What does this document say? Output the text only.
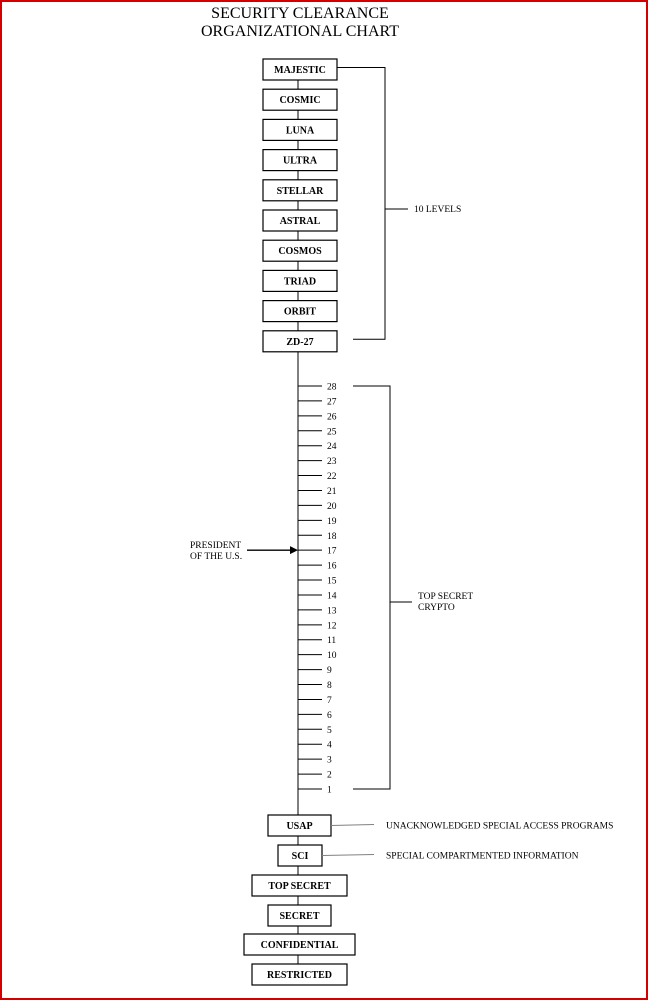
SECURITY CLEARANCE
ORGANIZATIONAL CHART
MAJESTIC
COSMIC
LUNA
ULTRA
STELLAR
ASTRAL
COSMOS
TRIAD
ORBIT
ZD-27
10 LEVELS
28
27
26
25
24
23
22
21
20
19
18
17
16
15
14
13
12
11
10
9
8
7
6
5
4
3
2
1
TOP SECRET
CRYPTO
PRESIDENT
OF THE U.S.
USAP	UNACKNOWLEDGED SPECIAL ACCESS PROGRAMS
SCI	SPECIAL COMPARTMENTED INFORMATION
TOP SECRET
SECRET
CONFIDENTIAL
RESTRICTED
